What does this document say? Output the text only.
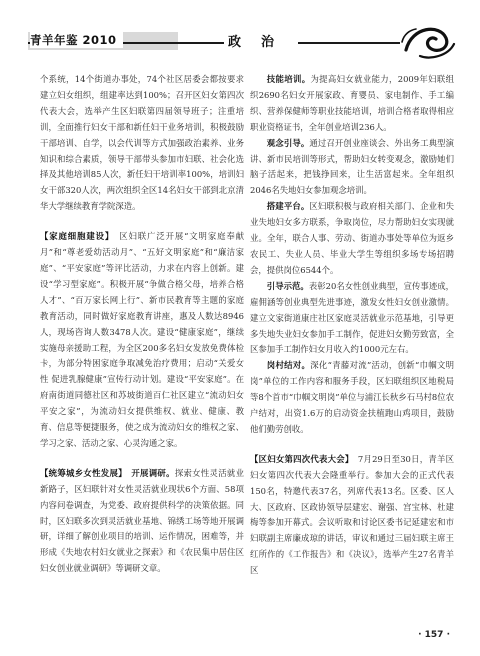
青羊年鉴 2010	政治

个系统，14个街道办事处，74个社区居委会都按要求建立妇女组织，组建率达到100%；召开区妇女第四次代表大会，选举产生区妇联第四届领导班子；注重培训，全面推行妇女干部和新任妇干业务培训，积极鼓励干部培训、自学，以会代训等方式加强政治素养、业务知识和综合素质，领导干部带头参加市妇联、社会化选择及其他培训85人次，新任妇干培训率100%，培训妇女干部320人次，两次组织全区14名妇女干部到北京清华大学继续教育学院深造。

【家庭细胞建设】　 区妇联广泛开展“文明家庭奉献月”和“尊老爱幼活动月”、“五好文明家庭”和“廉洁家庭”、“平安家庭”等评比活动，力求在内容上创新。建设“学习型家庭”。积极开展“争做合格父母，培养合格人才”、“百万家长网上行”、新市民教育等主题的家庭教育活动，同时做好家庭教育讲座，惠及人数达8946人，现场咨询人数3478人次。建设“健康家庭”，继续实施母亲援助工程，为全区200多名妇女发放免费体检卡，为部分特困家庭争取减免治疗费用；启动“关爱女性 促进乳腺健康”宣传行动计划。建设“平安家庭”。在府南街道同德社区和苏坡街道百仁社区建立“流动妇女平安之家”，为流动妇女提供维权、就业、健康、教育、信息等便捷服务，使之成为流动妇女的维权之家、学习之家、活动之家、心灵沟通之家。

【统筹城乡女性发展】　 开展调研。探索女性灵活就业新路子，区妇联针对女性灵活就业现状6个方面、58项内容问卷调查，为党委、政府提供科学的决策依据。同时，区妇联多次到灵活就业基地、锦绣工场等地开展调研，详细了解创业项目的培训、运作情况，困难等，并形成《失地农村妇女就业之探索》和《农民集中居住区妇女创业就业调研》等调研文章。

技能培训。为提高妇女就业能力，2009年妇联组织2690名妇女开展家政、育婴员、家电制作、手工编织、营养保健师等职业技能培训，培训合格者取得相应职业资格证书，全年创业培训236人。

观念引导。通过召开创业座谈会、外出务工典型演讲、新市民培训等形式，帮助妇女转变观念，激励她们脑子活起来，把钱挣回来，让生活富起来。全年组织2046名失地妇女参加观念培训。

搭建平台。区妇联积极与政府相关部门、企业和失业失地妇女多方联系，争取岗位，尽力帮助妇女实现就业。全年，联合人事、劳动、街道办事处等单位为返乡农民工、失业人员、毕业大学生等组织多场专场招聘会，提供岗位6544个。

引导示范。表彰20名女性创业典型，宣传事迹成，雇佣涵等创业典型先进事迹，激发女性妇女创业激情。建立文家街道康庄社区家庭灵活就业示范基地，引导更多失地失业妇女参加手工制作，促进妇女勤劳致富，全区参加手工制作妇女月收入约1000元左右。

岗村结对。深化“青藤对流”活动，创新“巾帼文明岗”单位的工作内容和服务手段，区妇联组织区地税局等8个首市“巾帼文明岗”单位与浦江长秋乡石马村8位农户结对，出资1.6万的启动资金扶植跑山鸡项目，鼓励他们勤劳创收。

【区妇女第四次代表大会】　 7月29日至30日，青羊区妇女第四次代表大会隆重举行。参加大会的正式代表150名，特邀代表37名，列席代表13名。区委、区人大、区政府、区政协领导层建宏、谢强、宫宝林、杜建梅等参加开幕式。会议听取和讨论区委书记延建宏和市妇联副主席廉成琼的讲话，审议和通过三届妇联主席王红所作的《工作报告》和《决议》，选举产生27名青羊区

· 157 ·
